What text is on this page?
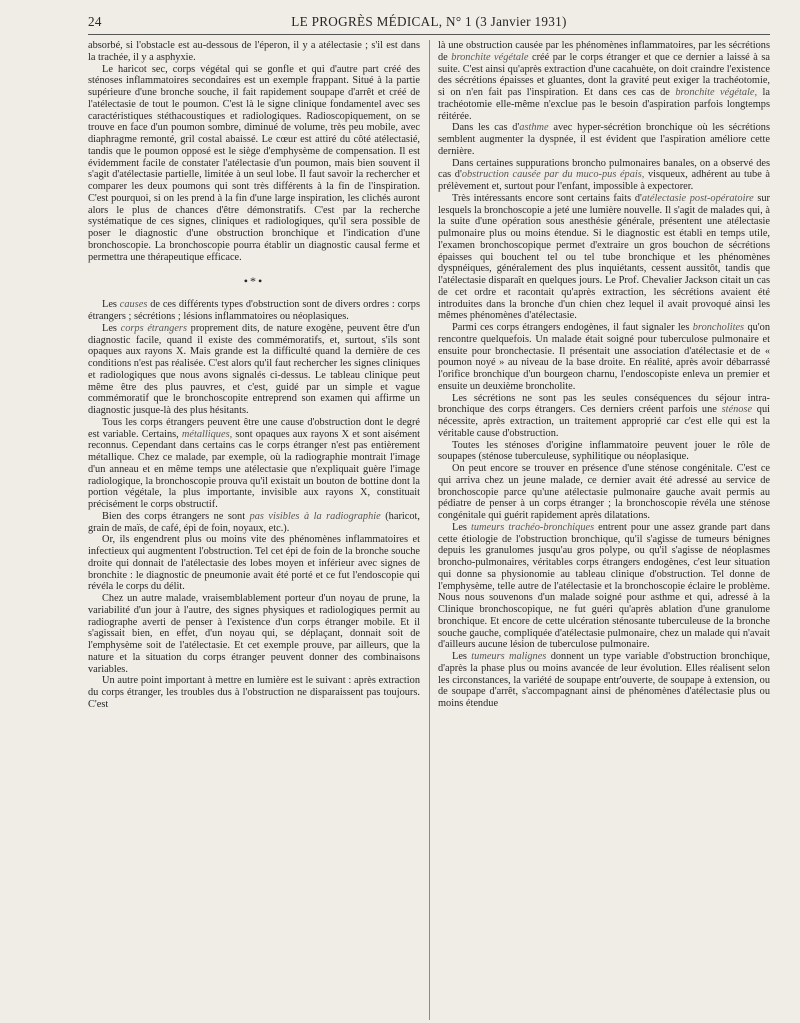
24	LE PROGRÈS MÉDICAL, N° 1 (3 Janvier 1931)

absorbé, si l'obstacle est au-dessous de l'éperon, il y a atélectasie ; s'il est dans la trachée, il y a asphyxie.

Le haricot sec, corps végétal qui se gonfle et qui d'autre part créé des sténoses inflammatoires secondaires est un exemple frappant. Situé à la partie supérieure d'une bronche souche, il fait rapidement soupape d'arrêt et créé de l'atélectasie de tout le poumon. C'est là le signe clinique fondamentel avec ses caractéristiques stéthacoustiques et radiologiques. Radioscopiquement, on se trouve en face d'un poumon sombre, diminué de volume, très peu mobile, avec diaphragme remonté, gril costal abaissé. Le cœur est attiré du côté atélectasié, tandis que le poumon opposé est le siège d'emphysème de compensation. Il est évidemment facile de constater l'atélectasie d'un poumon, mais bien souvent il s'agit d'atélectasie partielle, limitée à un seul lobe. Il faut savoir la rechercher et comparer les deux poumons qui sont très différents à la fin de l'inspiration. C'est pourquoi, si on les prend à la fin d'une large inspiration, les clichés auront alors le plus de chances d'être démonstratifs. C'est par la recherche systématique de ces signes, cliniques et radiologiques, qu'il sera possible de poser le diagnostic d'une obstruction bronchique et l'indication d'une bronchoscopie. La bronchoscopie pourra établir un diagnostic causal ferme et permettra une thérapeutique efficace.

•*•

Les causes de ces différents types d'obstruction sont de divers ordres : corps étrangers ; sécrétions ; lésions inflammatoires ou néoplasiques.

Les corps étrangers proprement dits, de nature exogène, peuvent être d'un diagnostic facile, quand il existe des commémoratifs, et, surtout, s'ils sont opaques aux rayons X. Mais grande est la difficulté quand la dernière de ces conditions n'est pas réalisée. C'est alors qu'il faut rechercher les signes cliniques et radiologiques que nous avons signalés ci-dessus. Le tableau clinique peut même être des plus pauvres, et c'est, guidé par un simple et vague commémoratif que le bronchoscopite entreprend son examen qui affirme un diagnostic jusque-là des plus hésitants.

Tous les corps étrangers peuvent être une cause d'obstruction dont le degré est variable. Certains, métalliques, sont opaques aux rayons X et sont aisément reconnus. Cependant dans certains cas le corps étranger n'est pas entièrement métallique. Chez ce malade, par exemple, où la radiographie montrait l'image d'un anneau et en même temps une atélectasie que n'expliquait guère l'image radiologique, la bronchoscopie prouva qu'il existait un bouton de bottine dont la portion végétale, la plus importante, invisible aux rayons X, constituait précisément le corps obstructif.

Bien des corps étrangers ne sont pas visibles à la radiographie (haricot, grain de maïs, de café, épi de foin, noyaux, etc.).

Or, ils engendrent plus ou moins vite des phénomènes inflammatoires et infectieux qui augmentent l'obstruction. Tel cet épi de foin de la bronche souche droite qui donnait de l'atélectasie des lobes moyen et inférieur avec signes de bronchite : le diagnostic de pneumonie avait été porté et ce fut l'endoscopie qui révéla le corps du délit.

Chez un autre malade, vraisemblablement porteur d'un noyau de prune, la variabilité d'un jour à l'autre, des signes physiques et radiologiques permit au radiographe averti de penser à l'existence d'un corps étranger mobile. Et il s'agissait bien, en effet, d'un noyau qui, se déplaçant, donnait soit de l'emphysème soit de l'atélectasie. Et cet exemple prouve, par ailleurs, que la nature et la situation du corps étranger peuvent donner des combinaisons variables.

Un autre point important à mettre en lumière est le suivant : après extraction du corps étranger, les troubles dus à l'obstruction ne disparaissent pas toujours. C'est

là une obstruction causée par les phénomènes inflammatoires, par les sécrétions de bronchite végétale créé par le corps étranger et que ce dernier a laissé à sa suite. C'est ainsi qu'après extraction d'une cacahuète, on doit craindre l'existence des sécrétions épaisses et gluantes, dont la gravité peut exiger la trachéotomie, si on n'en fait pas l'inspiration. Et dans ces cas de bronchite végétale, la trachéotomie elle-même n'exclue pas le besoin d'aspiration parfois longtemps réitérée.

Dans les cas d'asthme avec hyper-sécrétion bronchique où les sécrétions semblent augmenter la dyspnée, il est évident que l'aspiration améliore cette dernière.

Dans certaines suppurations broncho pulmonaires banales, on a observé des cas d'obstruction causée par du muco-pus épais, visqueux, adhérent au tube à prélèvement et, surtout pour l'enfant, impossible à expectorer.

Très intéressants encore sont certains faits d'atélectasie post-opératoire sur lesquels la bronchoscopie a jeté une lumière nouvelle. Il s'agit de malades qui, à la suite d'une opération sous anesthésie générale, présentent une atélectasie pulmonaire plus ou moins étendue. Si le diagnostic est établi en temps utile, l'examen bronchoscopique permet d'extraire un gros bouchon de sécrétions épaisses qui bouchent tel ou tel tube bronchique et les phénomènes dyspnéiques, généralement des plus inquiétants, cessent aussitôt, tandis que l'atélectasie disparaît en quelques jours. Le Prof. Chevalier Jackson citait un cas de cet ordre et racontait qu'après extraction, les sécrétions avaient été introduites dans la bronche d'un chien chez lequel il avait provoqué ainsi les mêmes phénomènes d'atélectasie.

Parmi ces corps étrangers endogènes, il faut signaler les broncholites qu'on rencontre quelquefois. Un malade était soigné pour tuberculose pulmonaire et ensuite pour bronchectasie. Il présentait une association d'atélectasie et de « poumon noyé » au niveau de la base droite. En réalité, après avoir débarrassé l'orifice bronchique d'un bourgeon charnu, l'endoscopiste enleva un premier et ensuite un deuxième broncholite.

Les sécrétions ne sont pas les seules conséquences du séjour intra-bronchique des corps étrangers. Ces derniers créent parfois une sténose qui nécessite, après extraction, un traitement approprié car c'est elle qui est la véritable cause d'obstruction.

Toutes les sténoses d'origine inflammatoire peuvent jouer le rôle de soupapes (sténose tuberculeuse, syphilitique ou néoplasique.

On peut encore se trouver en présence d'une sténose congénitale. C'est ce qui arriva chez un jeune malade, ce dernier avait été adressé au service de bronchoscopie parce qu'une atélectasie pulmonaire gauche avait permis au pédiatre de penser à un corps étranger ; la bronchoscopie révéla une sténose congénitale qui guérit rapidement après dilatations.

Les tumeurs trachéo-bronchiques entrent pour une assez grande part dans cette étiologie de l'obstruction bronchique, qu'il s'agisse de tumeurs bénignes depuis les granulomes jusqu'au gros polype, ou qu'il s'agisse de néoplasmes broncho-pulmonaires, véritables corps étrangers endogènes, c'est leur situation qui donne sa physionomie au tableau clinique d'obstruction. Tel donne de l'emphysème, telle autre de l'atélectasie et la bronchoscopie éclaire le problème. Nous nous souvenons d'un malade soigné pour asthme et qui, adressé à la Clinique bronchoscopique, ne fut guéri qu'après ablation d'une granulome bronchique. Et encore de cette ulcération sténosante tuberculeuse de la bronche souche gauche, compliquée d'atélectasie pulmonaire, chez un malade qui n'avait d'ailleurs aucune lésion de tuberculose pulmonaire.

Les tumeurs malignes donnent un type variable d'obstruction bronchique, d'après la phase plus ou moins avancée de leur évolution. Elles réalisent selon les circonstances, la variété de soupape entr'ouverte, de soupape à extension, ou de soupape d'arrêt, s'accompagnant ainsi de phénomènes d'atélectasie plus ou moins étendue
